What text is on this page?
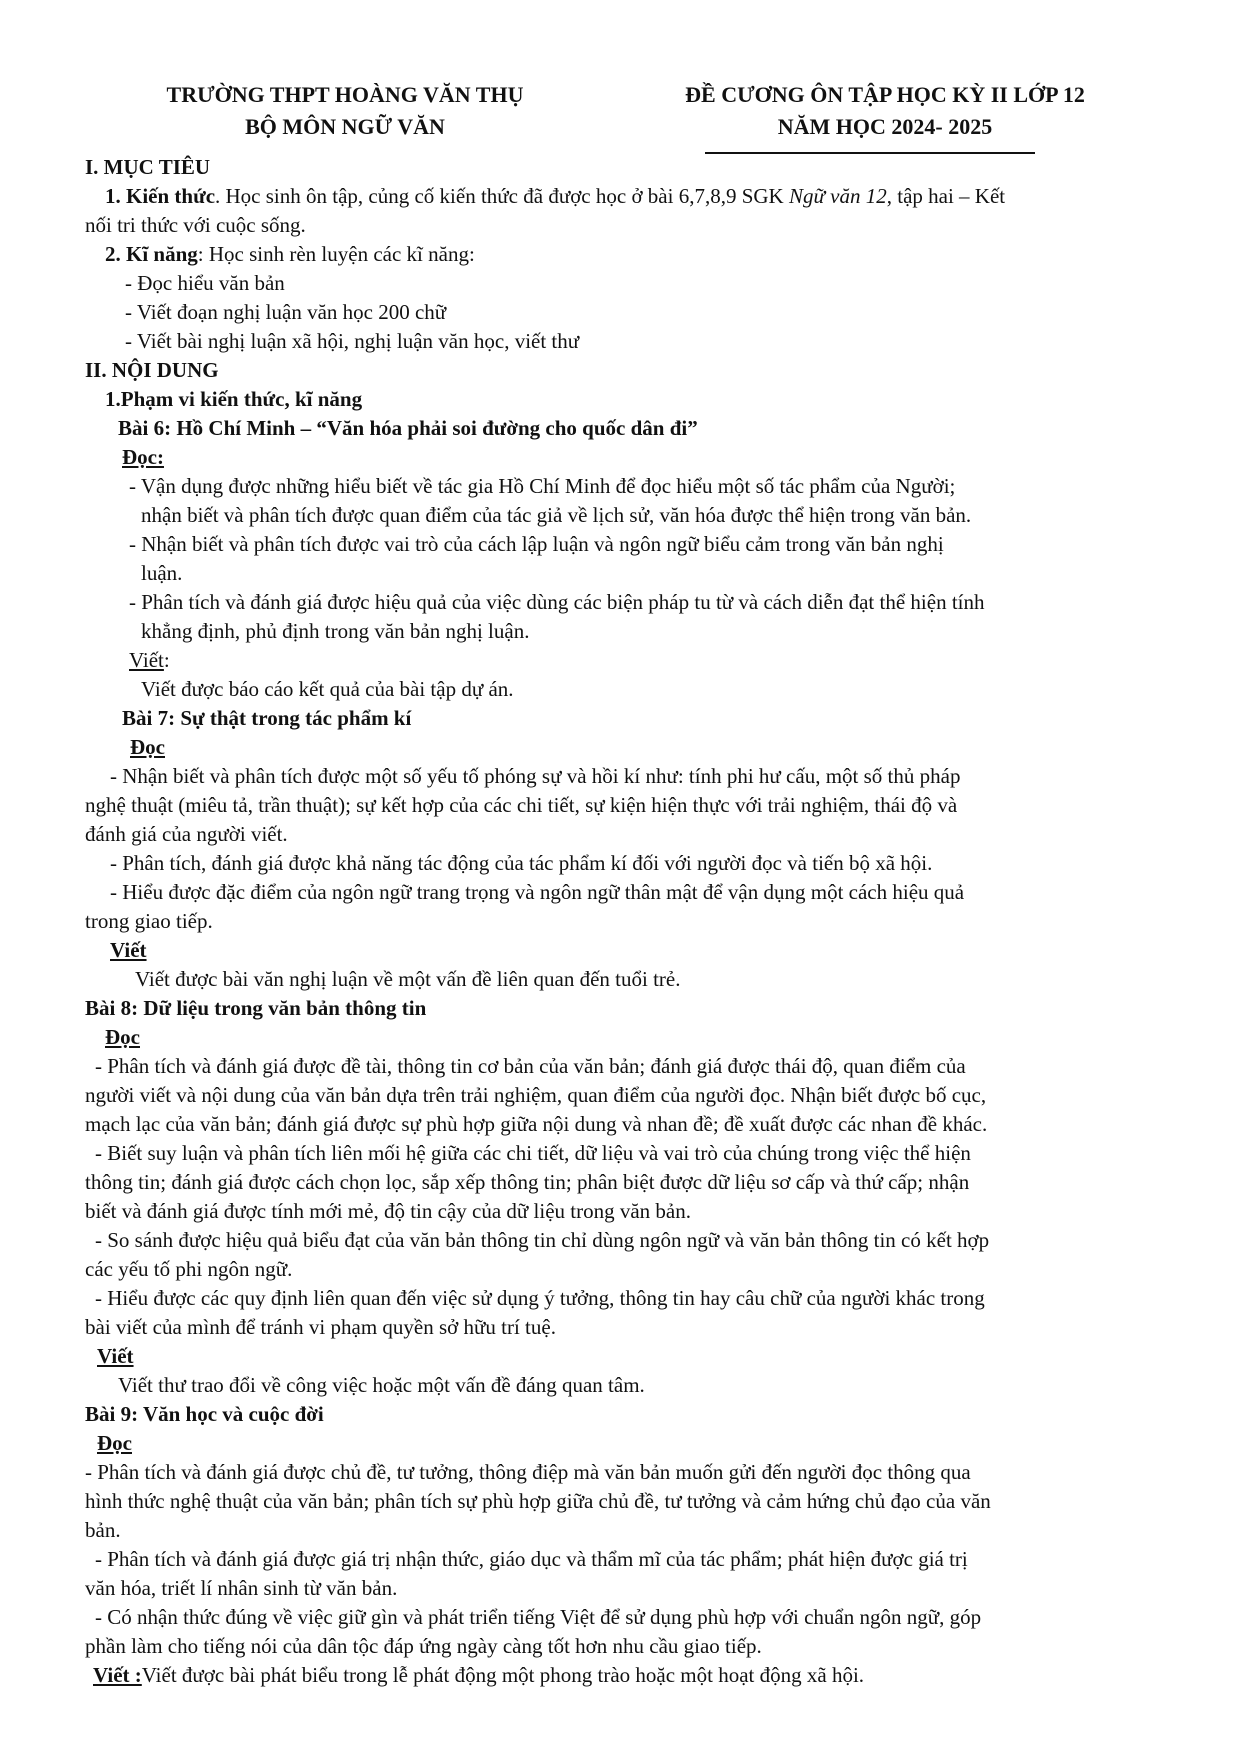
TRƯỜNG THPT HOÀNG VĂN THỤ
BỘ MÔN NGỮ VĂN
ĐỀ CƯƠNG ÔN TẬP HỌC KỲ II LỚP 12
NĂM HỌC 2024- 2025
I. MỤC TIÊU
1. Kiến thức. Học sinh ôn tập, củng cố kiến thức đã được học ở bài 6,7,8,9 SGK Ngữ văn 12, tập hai – Kết
nối tri thức với cuộc sống.
2. Kĩ năng: Học sinh rèn luyện các kĩ năng:
- Đọc hiểu văn bản
- Viết đoạn nghị luận văn học 200 chữ
- Viết bài nghị luận xã hội, nghị luận văn học, viết thư
II. NỘI DUNG
1.Phạm vi kiến thức, kĩ năng
Bài 6: Hồ Chí Minh – “Văn hóa phải soi đường cho quốc dân đi”
Đọc:
- Vận dụng được những hiểu biết về tác gia Hồ Chí Minh để đọc hiểu một số tác phẩm của Người;
nhận biết và phân tích được quan điểm của tác giả về lịch sử, văn hóa được thể hiện trong văn bản.
- Nhận biết và phân tích được vai trò của cách lập luận và ngôn ngữ biểu cảm trong văn bản nghị
luận.
- Phân tích và đánh giá được hiệu quả của việc dùng các biện pháp tu từ và cách diễn đạt thể hiện tính
khẳng định, phủ định trong văn bản nghị luận.
Viết:
Viết được báo cáo kết quả của bài tập dự án.
Bài 7: Sự thật trong tác phẩm kí
Đọc
- Nhận biết và phân tích được một số yếu tố phóng sự và hồi kí như: tính phi hư cấu, một số thủ pháp
nghệ thuật (miêu tả, trần thuật); sự kết hợp của các chi tiết, sự kiện hiện thực với trải nghiệm, thái độ và
đánh giá của người viết.
- Phân tích, đánh giá được khả năng tác động của tác phẩm kí đối với người đọc và tiến bộ xã hội.
- Hiểu được đặc điểm của ngôn ngữ trang trọng và ngôn ngữ thân mật để vận dụng một cách hiệu quả
trong giao tiếp.
Viết
Viết được bài văn nghị luận về một vấn đề liên quan đến tuổi trẻ.
Bài 8: Dữ liệu trong văn bản thông tin
Đọc
- Phân tích và đánh giá được đề tài, thông tin cơ bản của văn bản; đánh giá được thái độ, quan điểm của
người viết và nội dung của văn bản dựa trên trải nghiệm, quan điểm của người đọc. Nhận biết được bố cục,
mạch lạc của văn bản; đánh giá được sự phù hợp giữa nội dung và nhan đề; đề xuất được các nhan đề khác.
- Biết suy luận và phân tích liên mối hệ giữa các chi tiết, dữ liệu và vai trò của chúng trong việc thể hiện
thông tin; đánh giá được cách chọn lọc, sắp xếp thông tin; phân biệt được dữ liệu sơ cấp và thứ cấp; nhận
biết và đánh giá được tính mới mẻ, độ tin cậy của dữ liệu trong văn bản.
- So sánh được hiệu quả biểu đạt của văn bản thông tin chỉ dùng ngôn ngữ và văn bản thông tin có kết hợp
các yếu tố phi ngôn ngữ.
- Hiểu được các quy định liên quan đến việc sử dụng ý tưởng, thông tin hay câu chữ của người khác trong
bài viết của mình để tránh vi phạm quyền sở hữu trí tuệ.
Viết
Viết thư trao đổi về công việc hoặc một vấn đề đáng quan tâm.
Bài 9: Văn học và cuộc đời
Đọc
- Phân tích và đánh giá được chủ đề, tư tưởng, thông điệp mà văn bản muốn gửi đến người đọc thông qua
hình thức nghệ thuật của văn bản; phân tích sự phù hợp giữa chủ đề, tư tưởng và cảm hứng chủ đạo của văn
bản.
- Phân tích và đánh giá được giá trị nhận thức, giáo dục và thẩm mĩ của tác phẩm; phát hiện được giá trị
văn hóa, triết lí nhân sinh từ văn bản.
- Có nhận thức đúng về việc giữ gìn và phát triển tiếng Việt để sử dụng phù hợp với chuẩn ngôn ngữ, góp
phần làm cho tiếng nói của dân tộc đáp ứng ngày càng tốt hơn nhu cầu giao tiếp.
Viết :Viết được bài phát biểu trong lễ phát động một phong trào hoặc một hoạt động xã hội.
